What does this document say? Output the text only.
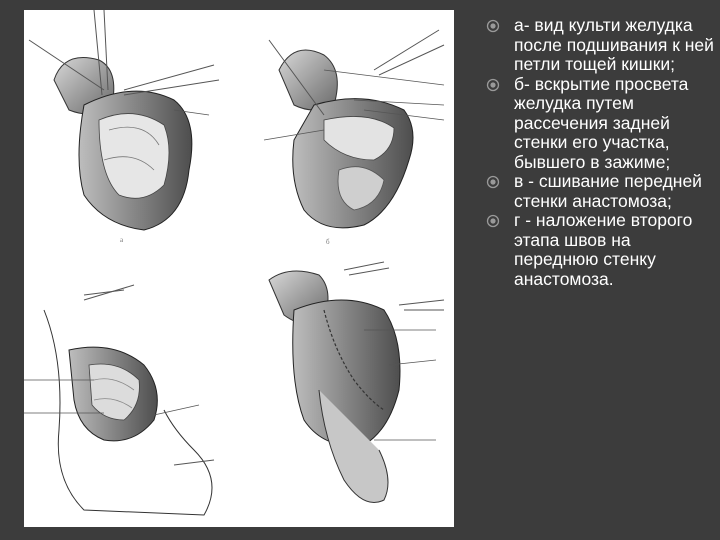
а	б
а- вид культи желудка после подшивания к ней петли тощей кишки;
б- вскрытие просвета желудка путем рассечения задней стенки его участка, бывшего в зажиме;
в - сшивание передней стенки анастомоза;
г - наложение второго этапа швов на переднюю стенку анастомоза.
